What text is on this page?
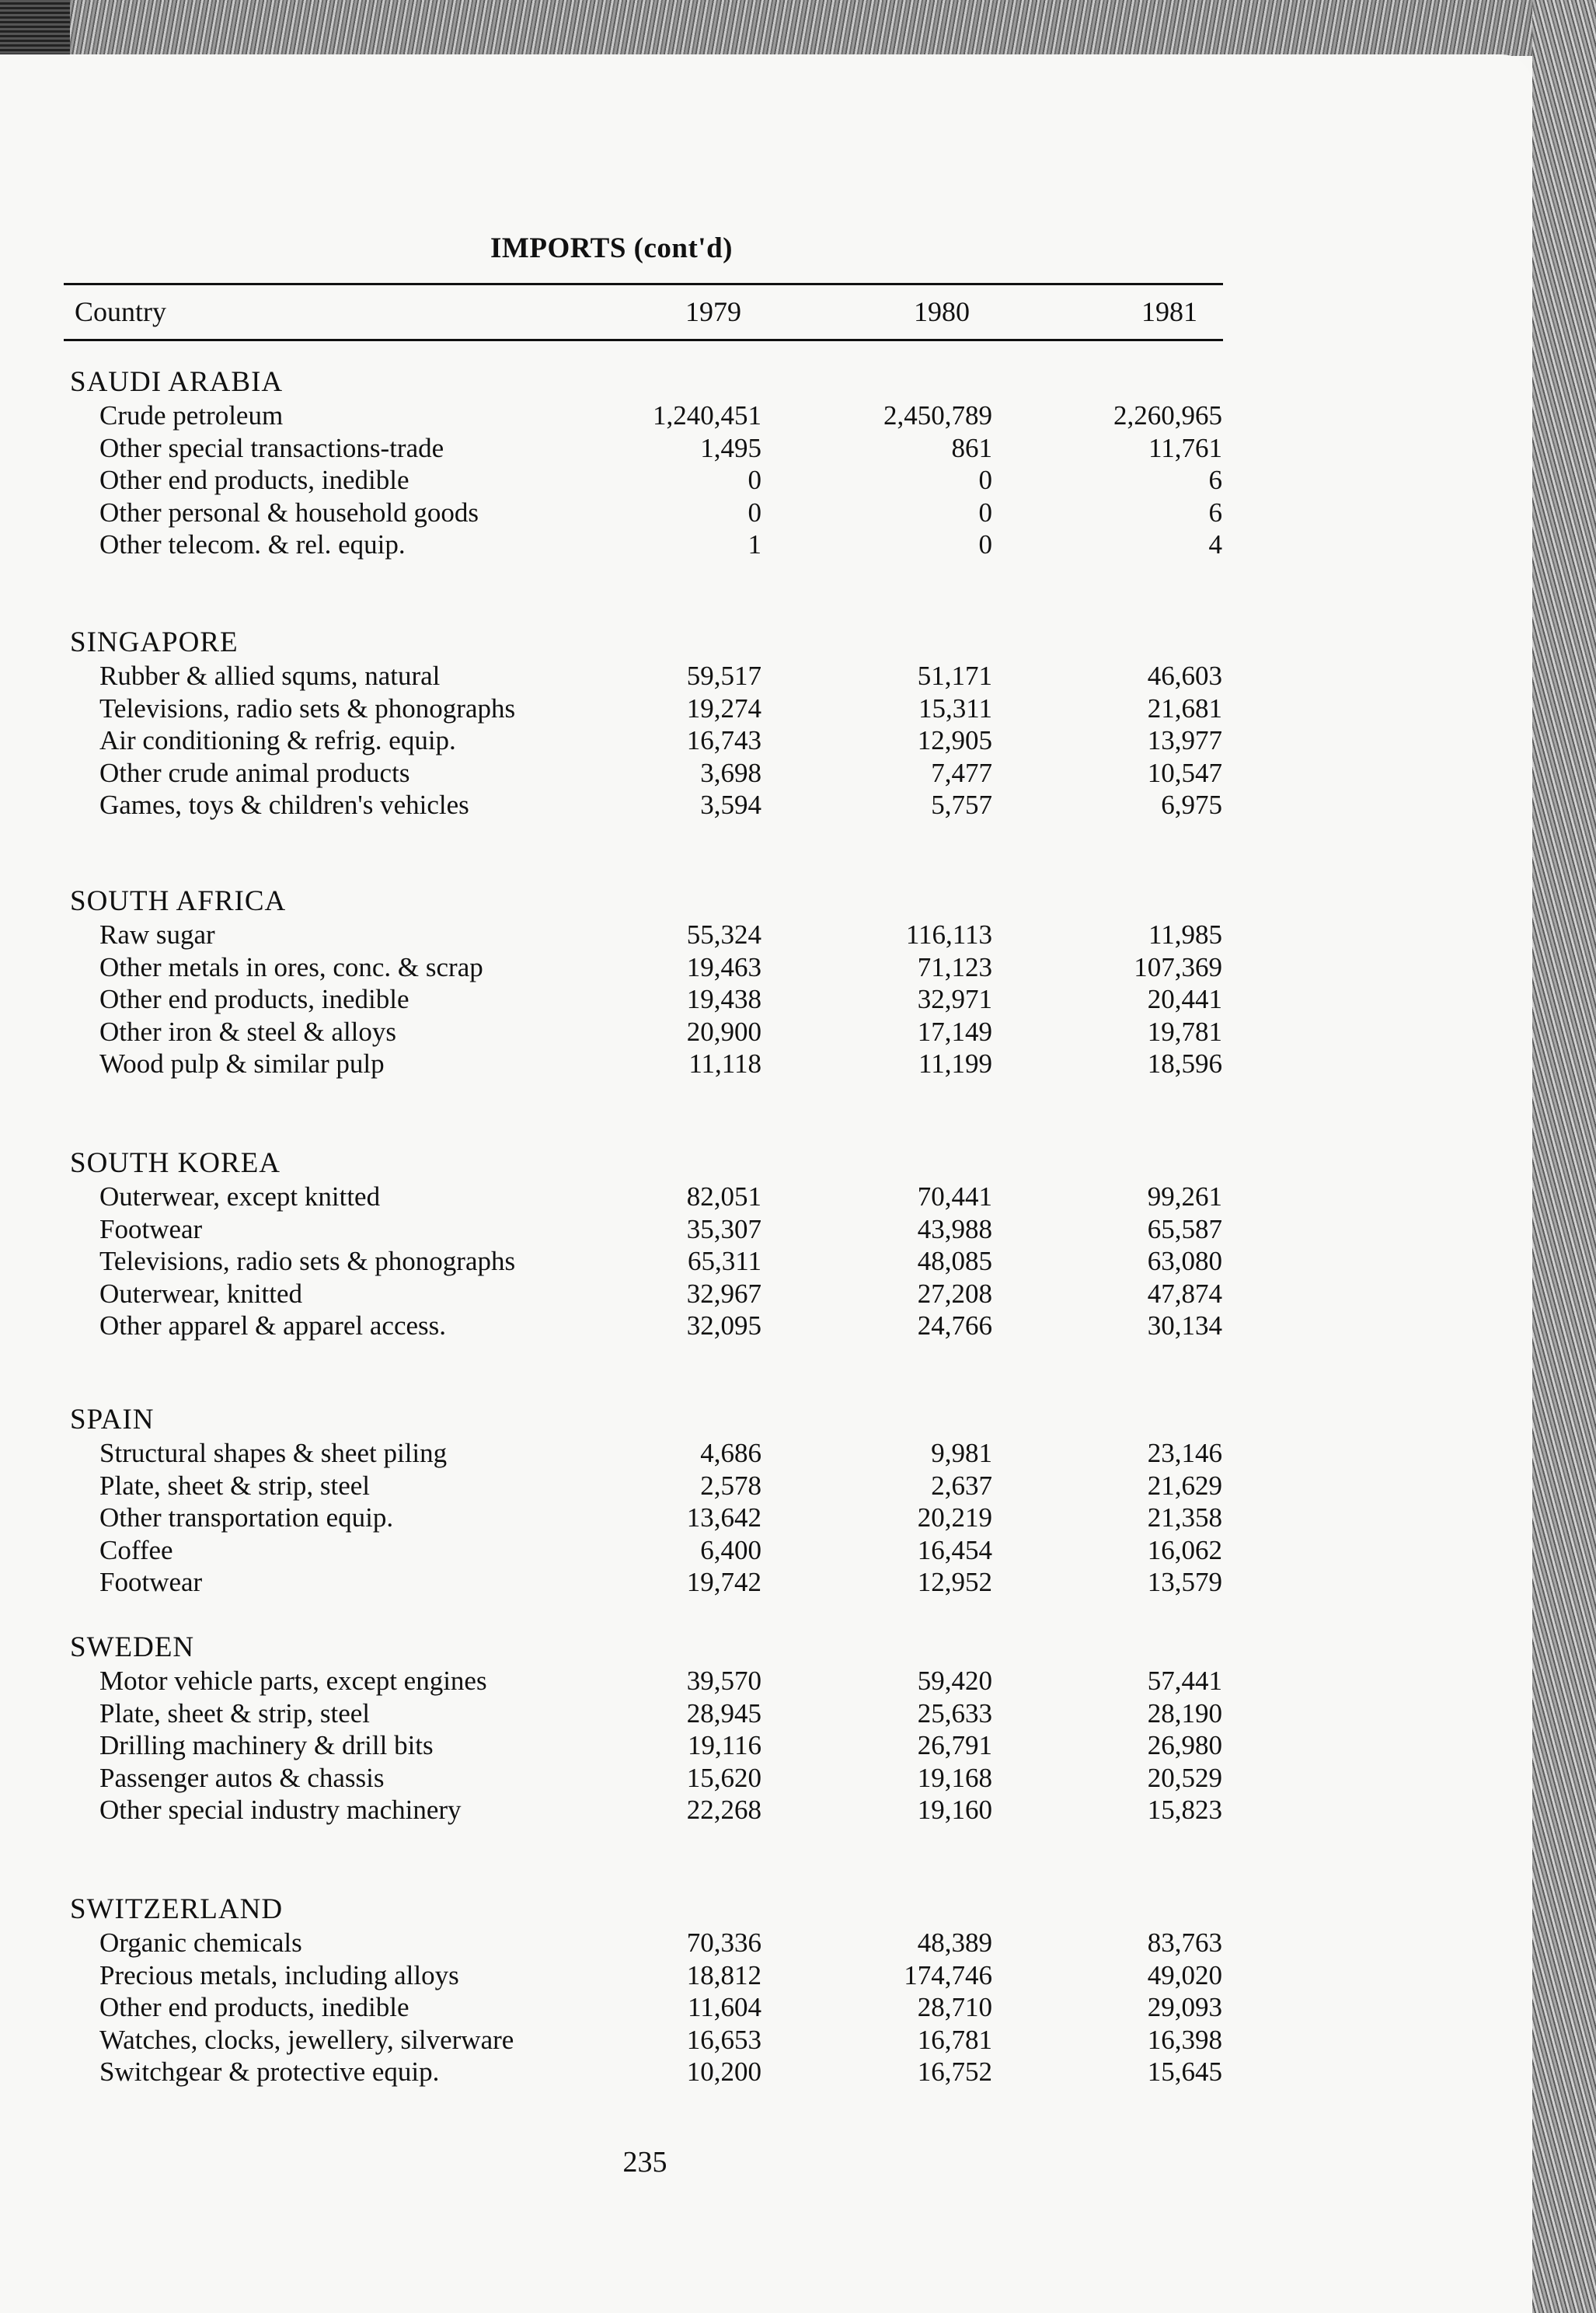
IMPORTS (cont'd)
Country	1979	1980	1981
SAUDI ARABIA
Crude petroleum	1,240,451	2,450,789	2,260,965
Other special transactions-trade	1,495	861	11,761
Other end products, inedible	0	0	6
Other personal & household goods	0	0	6
Other telecom. & rel. equip.	1	0	4
SINGAPORE
Rubber & allied squms, natural	59,517	51,171	46,603
Televisions, radio sets & phonographs	19,274	15,311	21,681
Air conditioning & refrig. equip.	16,743	12,905	13,977
Other crude animal products	3,698	7,477	10,547
Games, toys & children's vehicles	3,594	5,757	6,975
SOUTH AFRICA
Raw sugar	55,324	116,113	11,985
Other metals in ores, conc. & scrap	19,463	71,123	107,369
Other end products, inedible	19,438	32,971	20,441
Other iron & steel & alloys	20,900	17,149	19,781
Wood pulp & similar pulp	11,118	11,199	18,596
SOUTH KOREA
Outerwear, except knitted	82,051	70,441	99,261
Footwear	35,307	43,988	65,587
Televisions, radio sets & phonographs	65,311	48,085	63,080
Outerwear, knitted	32,967	27,208	47,874
Other apparel & apparel access.	32,095	24,766	30,134
SPAIN
Structural shapes & sheet piling	4,686	9,981	23,146
Plate, sheet & strip, steel	2,578	2,637	21,629
Other transportation equip.	13,642	20,219	21,358
Coffee	6,400	16,454	16,062
Footwear	19,742	12,952	13,579
SWEDEN
Motor vehicle parts, except engines	39,570	59,420	57,441
Plate, sheet & strip, steel	28,945	25,633	28,190
Drilling machinery & drill bits	19,116	26,791	26,980
Passenger autos & chassis	15,620	19,168	20,529
Other special industry machinery	22,268	19,160	15,823
SWITZERLAND
Organic chemicals	70,336	48,389	83,763
Precious metals, including alloys	18,812	174,746	49,020
Other end products, inedible	11,604	28,710	29,093
Watches, clocks, jewellery, silverware	16,653	16,781	16,398
Switchgear & protective equip.	10,200	16,752	15,645
235
